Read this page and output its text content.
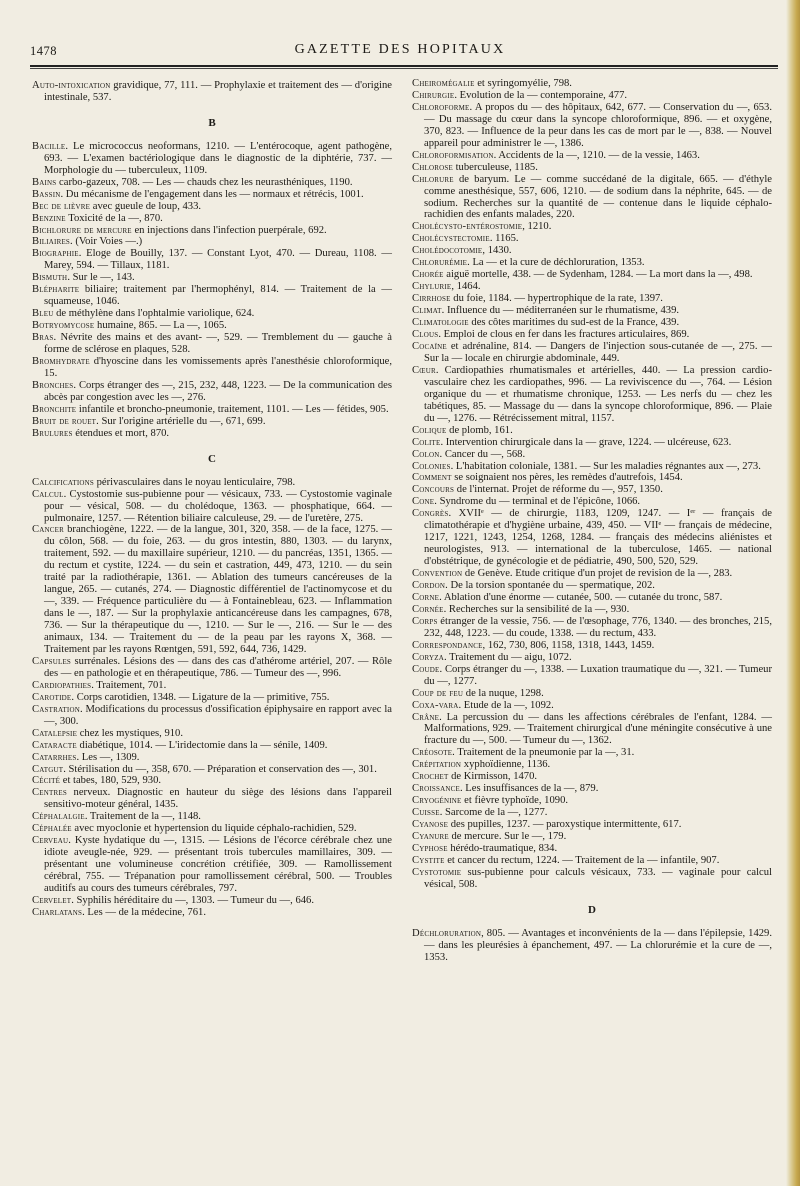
1478	GAZETTE DES HOPITAUX

Auto-intoxication gravidique, 77, 111. — Prophylaxie et traitement des — d'origine intestinale, 537.

B

Bacille. Le micrococcus neoformans, 1210. — L'entérocoque, agent pathogène, 693. — L'examen bactériologique dans le diagnostic de la diphtérie, 737. — Morphologie du — tuberculeux, 1109.

Bains carbo-gazeux, 708. — Les — chauds chez les neurasthéniques, 1190.

Bassin. Du mécanisme de l'engagement dans les — normaux et rétrécis, 1001.

Bec de lièvre avec gueule de loup, 433.

Benzine Toxicité de la —, 870.

Bichlorure de mercure en injections dans l'infection puerpérale, 692.

Biliaires. (Voir Voies —.)

Biographie. Eloge de Bouilly, 137. — Constant Lyot, 470. — Dureau, 1108. — Marey, 594. — Tillaux, 1181.

Bismuth. Sur le —, 143.

Blépharite biliaire; traitement par l'hermophényl, 814. — Traitement de la — squameuse, 1046.

Bleu de méthylène dans l'ophtalmie variolique, 624.

Botryomycose humaine, 865. — La —, 1065.

Bras. Névrite des mains et des avant- —, 529. — Tremblement du — gauche à forme de sclérose en plaques, 528.

Bromhydrate d'hyoscine dans les vomissements après l'anesthésie chloroformique, 15.

Bronches. Corps étranger des —, 215, 232, 448, 1223. — De la communication des abcès par congestion avec les —, 276.

Bronchite infantile et broncho-pneumonie, traitement, 1101. — Les — fétides, 905.

Bruit de rouet. Sur l'origine artérielle du —, 671, 699.

Brulures étendues et mort, 870.

C

Calcifications périvasculaires dans le noyau lenticulaire, 798.

Calcul. Cystostomie sus-pubienne pour — vésicaux, 733. — Cystostomie vaginale pour — vésical, 508. — du cholédoque, 1363. — phosphatique, 664. — pulmonaire, 1257. — Rétention biliaire calculeuse, 29. — de l'uretère, 275.

Cancer branchiogène, 1222. — de la langue, 301, 320, 358. — de la face, 1275. — du côlon, 568. — du foie, 263. — du gros intestin, 880, 1303. — du larynx, traitement, 592. — du maxillaire supérieur, 1210. — du pancréas, 1351, 1365. — du rectum et cystite, 1224. — du sein et castration, 449, 473, 1210. — du sein traité par la radiothérapie, 1361. — Ablation des tumeurs cancéreuses de la langue, 265. — cutanés, 274. — Diagnostic différentiel de l'actinomycose et du —, 339. — Fréquence particulière du — à Fontainebleau, 623. — Inflammation dans le —, 187. — Sur la prophylaxie anticancéreuse dans les campagnes, 678, 736. — Sur la thérapeutique du —, 1210. — Sur le —, 216. — Sur le — des animaux, 134. — Traitement du — de la peau par les rayons X, 368. — Traitement par les rayons Rœntgen, 591, 592, 644, 736, 1429.

Capsules surrénales. Lésions des — dans des cas d'athérome artériel, 207. — Rôle des — en pathologie et en thérapeutique, 786. — Tumeur des —, 996.

Cardiopathies. Traitement, 701.

Carotide. Corps carotidien, 1348. — Ligature de la — primitive, 755.

Castration. Modifications du processus d'ossification épiphysaire en rapport avec la —, 300.

Catalepsie chez les mystiques, 910.

Cataracte diabétique, 1014. — L'iridectomie dans la — sénile, 1409.

Catarrhes. Les —, 1309.

Catgut. Stérilisation du —, 358, 670. — Préparation et conservation des —, 301.

Cécité et tabes, 180, 529, 930.

Centres nerveux. Diagnostic en hauteur du siège des lésions dans l'appareil sensitivo-moteur général, 1435.

Céphalalgie. Traitement de la —, 1148.

Céphalée avec myoclonie et hypertension du liquide céphalo-rachidien, 529.

Cerveau. Kyste hydatique du —, 1315. — Lésions de l'écorce cérébrale chez une idiote aveugle-née, 929. — présentant trois tubercules mamillaires, 309. — présentant une volumineuse concrétion crétifiée, 309. — Ramollissement cérébral, 755. — Trépanation pour ramollissement cérébral, 500. — Troubles auditifs au cours des tumeurs cérébrales, 797.

Cervelet. Syphilis héréditaire du —, 1303. — Tumeur du —, 646.

Charlatans. Les — de la médecine, 761.

Cheiromégalie et syringomyélie, 798.

Chirurgie. Evolution de la — contemporaine, 477.

Chloroforme. A propos du — des hôpitaux, 642, 677. — Conservation du —, 653. — Du massage du cœur dans la syncope chloroformique, 896. — et oxygène, 370, 823. — Influence de la peur dans les cas de mort par le —, 838. — Nouvel appareil pour administrer le —, 1386.

Chloroformisation. Accidents de la —, 1210. — de la vessie, 1463.

Chlorose tuberculeuse, 1185.

Chlorure de baryum. Le — comme succédané de la digitale, 665. — d'éthyle comme anesthésique, 557, 606, 1210. — de sodium dans la néphrite, 645. — de sodium. Recherches sur la quantité de — contenue dans le liquide céphalo-rachidien des enfants malades, 220.

Cholécysto-entérostomie, 1210.

Cholécystectomie. 1165.

Cholédocotomie, 1430.

Chlorurémie. La — et la cure de déchloruration, 1353.

Chorée aiguë mortelle, 438. — de Sydenham, 1284. — La mort dans la —, 498.

Chylurie, 1464.

Cirrhose du foie, 1184. — hypertrophique de la rate, 1397.

Climat. Influence du — méditerranéen sur le rhumatisme, 439.

Climatologie des côtes maritimes du sud-est de la France, 439.

Clous. Emploi de clous en fer dans les fractures articulaires, 869.

Cocaïne et adrénaline, 814. — Dangers de l'injection sous-cutanée de —, 275. — Sur la — locale en chirurgie abdominale, 449.

Cœur. Cardiopathies rhumatismales et artérielles, 440. — La pression cardio-vasculaire chez les cardiopathes, 996. — La reviviscence du —, 764. — Lésion organique du — et rhumatisme chronique, 1253. — Les nerfs du — chez les tabétiques, 85. — Massage du — dans la syncope chloroformique, 896. — Plaie du —, 1276. — Rétrécissement mitral, 1157.

Colique de plomb, 161.

Colite. Intervention chirurgicale dans la — grave, 1224. — ulcéreuse, 623.

Colon. Cancer du —, 568.

Colonies. L'habitation coloniale, 1381. — Sur les maladies régnantes aux —, 273.

Comment se soignaient nos pères, les remèdes d'autrefois, 1454.

Concours de l'internat. Projet de réforme du —, 957, 1350.

Cone. Syndrome du — terminal et de l'épicône, 1066.

Congrès. XVIIᵉ — de chirurgie, 1183, 1209, 1247. — Iᵉʳ — français de climatothérapie et d'hygiène urbaine, 439, 450. — VIIᵉ — français de médecine, 1217, 1221, 1243, 1254, 1268, 1284. — français des médecins aliénistes et neurologistes, 913. — international de la tuberculose, 1465. — national d'obstétrique, de gynécologie et de pédiatrie, 490, 500, 520, 529.

Convention de Genève. Etude critique d'un projet de revision de la —, 283.

Cordon. De la torsion spontanée du — spermatique, 202.

Corne. Ablation d'une énorme — cutanée, 500. — cutanée du tronc, 587.

Cornée. Recherches sur la sensibilité de la —, 930.

Corps étranger de la vessie, 756. — de l'œsophage, 776, 1340. — des bronches, 215, 232, 448, 1223. — du coude, 1338. — du rectum, 433.

Correspondance, 162, 730, 806, 1158, 1318, 1443, 1459.

Coryza. Traitement du — aigu, 1072.

Coude. Corps étranger du —, 1338. — Luxation traumatique du —, 321. — Tumeur du —, 1277.

Coup de feu de la nuque, 1298.

Coxa-vara. Etude de la —, 1092.

Crâne. La percussion du — dans les affections cérébrales de l'enfant, 1284. — Malformations, 929. — Traitement chirurgical d'une méningite consécutive à une fracture du —, 500. — Tumeur du —, 1362.

Créosote. Traitement de la pneumonie par la —, 31.

Crépitation xyphoïdienne, 1136.

Crochet de Kirmisson, 1470.

Croissance. Les insuffisances de la —, 879.

Cryogénine et fièvre typhoïde, 1090.

Cuisse. Sarcome de la —, 1277.

Cyanose des pupilles, 1237. — paroxystique intermittente, 617.

Cyanure de mercure. Sur le —, 179.

Cyphose hérédo-traumatique, 834.

Cystite et cancer du rectum, 1224. — Traitement de la — infantile, 907.

Cystotomie sus-pubienne pour calculs vésicaux, 733. — vaginale pour calcul vésical, 508.

D

Déchloruration, 805. — Avantages et inconvénients de la — dans l'épilepsie, 1429. — dans les pleurésies à épanchement, 497. — La chlorurémie et la cure de —, 1353.
